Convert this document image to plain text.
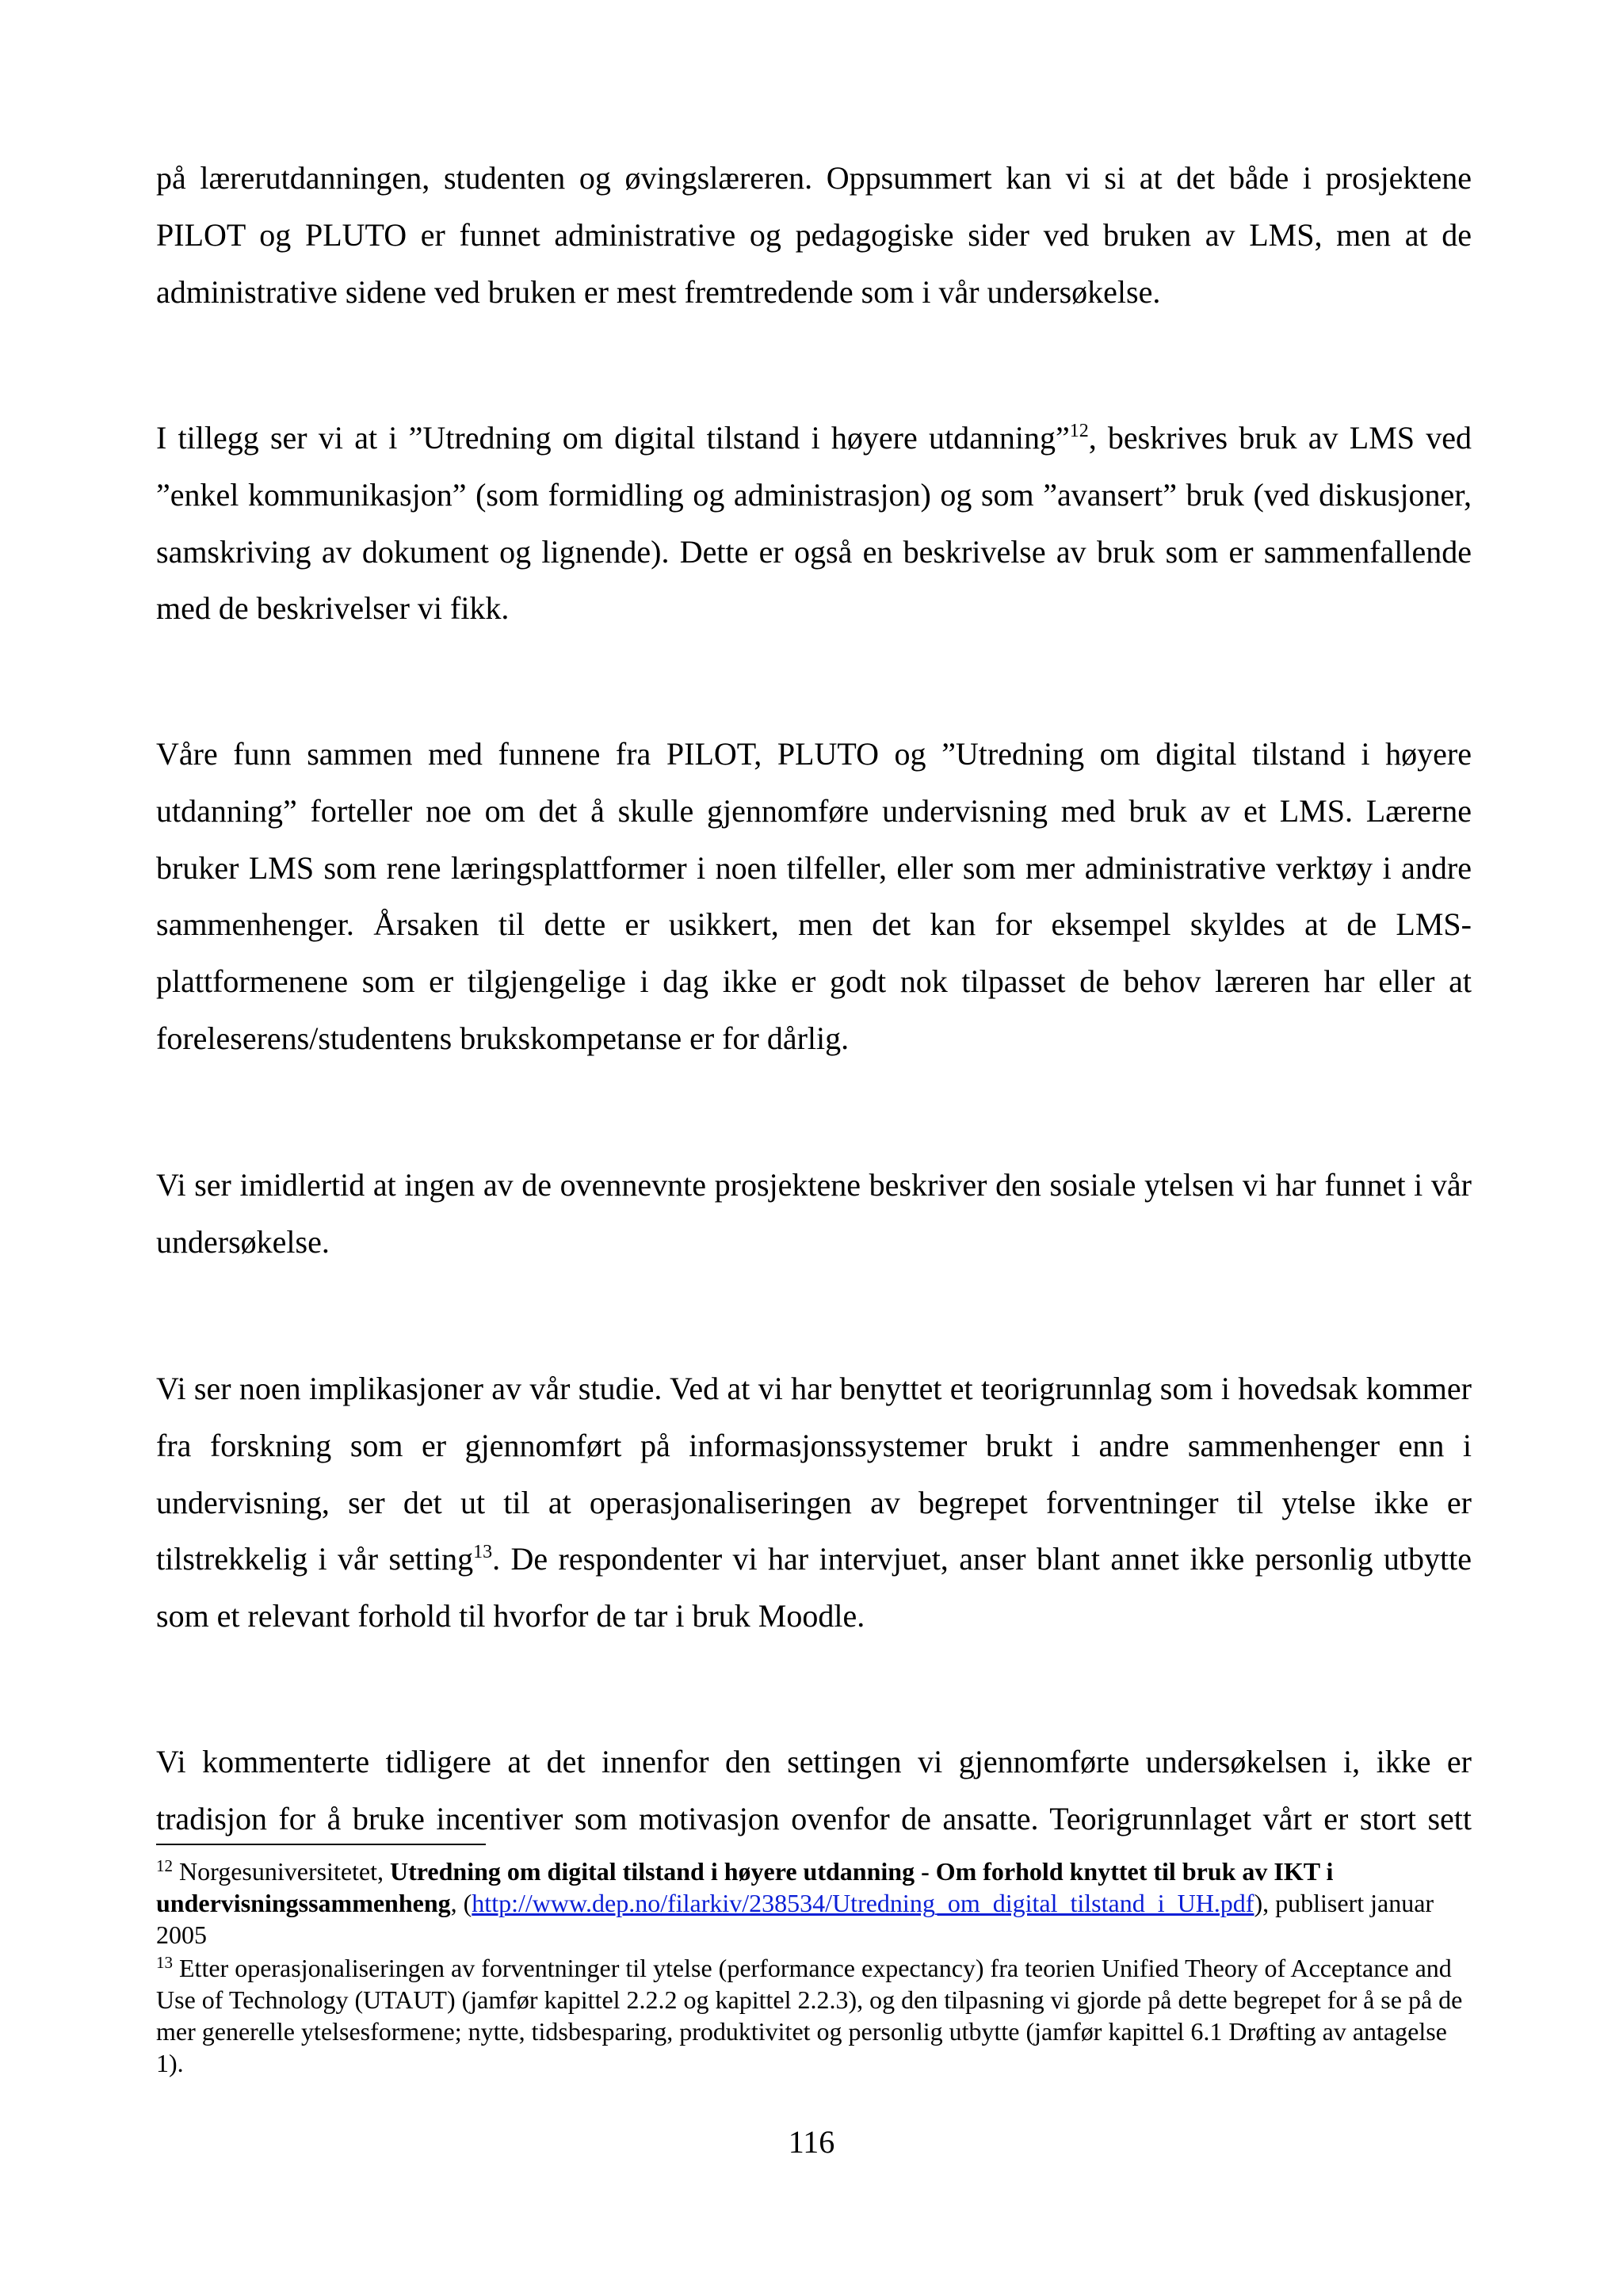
på lærerutdanningen, studenten og øvingslæreren. Oppsummert kan vi si at det både i prosjektene PILOT og PLUTO er funnet administrative og pedagogiske sider ved bruken av LMS, men at de administrative sidene ved bruken er mest fremtredende som i vår undersøkelse.

I tillegg ser vi at i ”Utredning om digital tilstand i høyere utdanning”$^{12}$, beskrives bruk av LMS ved ”enkel kommunikasjon” (som formidling og administrasjon) og som ”avansert” bruk (ved diskusjoner, samskriving av dokument og lignende). Dette er også en beskrivelse av bruk som er sammenfallende med de beskrivelser vi fikk.

Våre funn sammen med funnene fra PILOT, PLUTO og ”Utredning om digital tilstand i høyere utdanning” forteller noe om det å skulle gjennomføre undervisning med bruk av et LMS. Lærerne bruker LMS som rene læringsplattformer i noen tilfeller, eller som mer administrative verktøy i andre sammenhenger. Årsaken til dette er usikkert, men det kan for eksempel skyldes at de LMS-plattformenene som er tilgjengelige i dag ikke er godt nok tilpasset de behov læreren har eller at foreleserens/studentens brukskompetanse er for dårlig.

Vi ser imidlertid at ingen av de ovennevnte prosjektene beskriver den sosiale ytelsen vi har funnet i vår undersøkelse.

Vi ser noen implikasjoner av vår studie. Ved at vi har benyttet et teorigrunnlag som i hovedsak kommer fra forskning som er gjennomført på informasjonssystemer brukt i andre sammenhenger enn i undervisning, ser det ut til at operasjonaliseringen av begrepet forventninger til ytelse ikke er tilstrekkelig i vår setting$^{13}$. De respondenter vi har intervjuet, anser blant annet ikke personlig utbytte som et relevant forhold til hvorfor de tar i bruk Moodle.

Vi kommenterte tidligere at det innenfor den settingen vi gjennomførte undersøkelsen i, ikke er tradisjon for å bruke incentiver som motivasjon ovenfor de ansatte. Teorigrunnlaget vårt er stort sett

$^{12}$ Norgesuniversitetet, Utredning om digital tilstand i høyere utdanning - Om forhold knyttet til bruk av IKT i undervisningssammenheng, (http://www.dep.no/filarkiv/238534/Utredning_om_digital_tilstand_i_UH.pdf), publisert januar 2005

$^{13}$ Etter operasjonaliseringen av forventninger til ytelse (performance expectancy) fra teorien Unified Theory of Acceptance and Use of Technology (UTAUT) (jamfør kapittel 2.2.2 og kapittel 2.2.3), og den tilpasning vi gjorde på dette begrepet for å se på de mer generelle ytelsesformene; nytte, tidsbesparing, produktivitet og personlig utbytte (jamfør kapittel 6.1 Drøfting av antagelse 1).

116
